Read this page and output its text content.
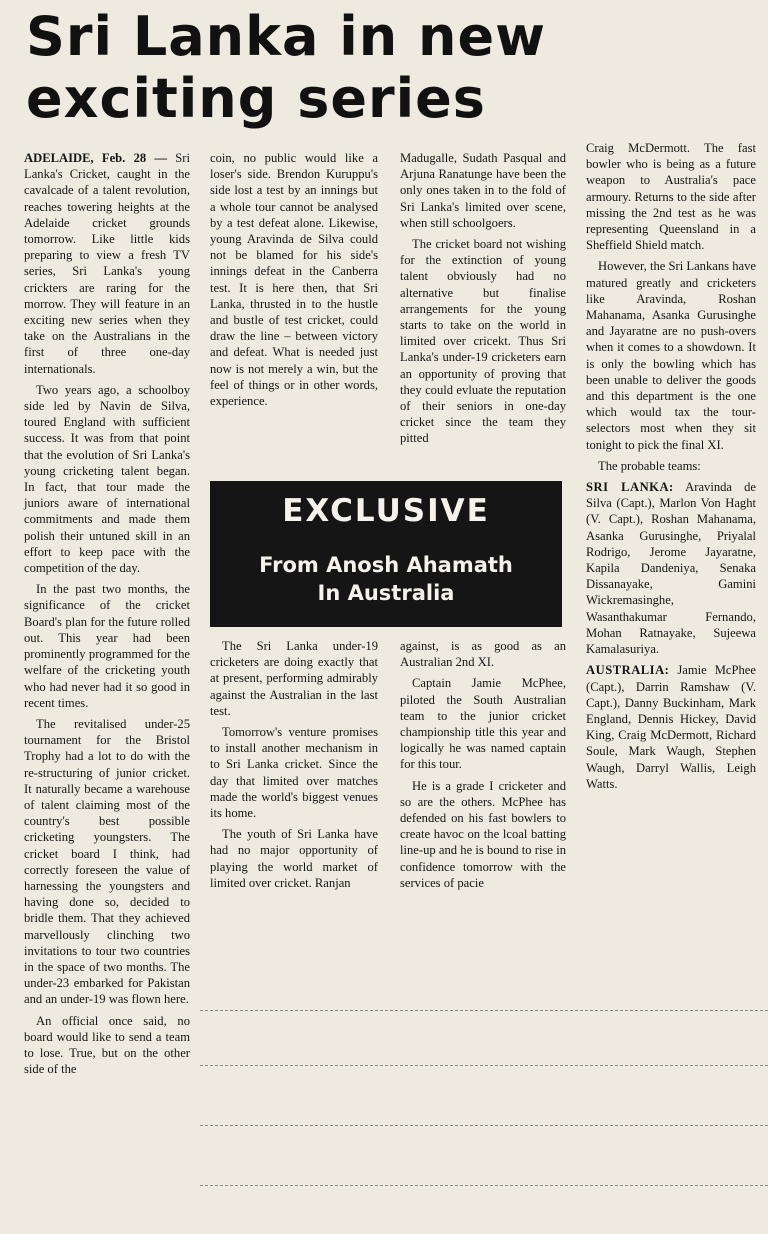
Sri Lanka in new
exciting series

ADELAIDE, Feb. 28 — Sri Lanka's Cricket, caught in the cavalcade of a talent revolution, reaches towering heights at the Adelaide cricket grounds tomorrow. Like little kids preparing to view a fresh TV series, Sri Lanka's young crickters are raring for the morrow. They will feature in an exciting new series when they take on the Australians in the first of three one-day internationals.

Two years ago, a schoolboy side led by Navin de Silva, toured England with sufficient success. It was from that point that the evolution of Sri Lanka's young cricketing talent began. In fact, that tour made the juniors aware of international commitments and made them polish their untuned skill in an effort to keep pace with the competition of the day.

In the past two months, the significance of the cricket Board's plan for the future rolled out. This year had been prominently programmed for the welfare of the cricketing youth who had never had it so good in recent times.

The revitalised under-25 tournament for the Bristol Trophy had a lot to do with the re-structuring of junior cricket. It naturally became a warehouse of talent claiming most of the country's best possible cricketing youngsters. The cricket board I think, had correctly foreseen the value of harnessing the youngsters and having done so, decided to bridle them. That they achieved marvellously clinching two invitations to tour two countries in the space of two months. The under-23 embarked for Pakistan and an under-19 was flown here.

An official once said, no board would like to send a team to lose. True, but on the other side of the

coin, no public would like a loser's side. Brendon Kuruppu's side lost a test by an innings but a whole tour cannot be analysed by a test defeat alone. Likewise, young Aravinda de Silva could not be blamed for his side's innings defeat in the Canberra test. It is here then, that Sri Lanka, thrusted in to the hustle and bustle of test cricket, could draw the line – between victory and defeat. What is needed just now is not merely a win, but the feel of things or in other words, experience.

Madugalle, Sudath Pasqual and Arjuna Ranatunge have been the only ones taken in to the fold of Sri Lanka's limited over scene, when still schoolgoers.

The cricket board not wishing for the extinction of young talent obviously had no alternative but finalise arrangements for the young starts to take on the world in limited over cricekt. Thus Sri Lanka's under-19 cricketers earn an opportunity of proving that they could evluate the reputation of their seniors in one-day cricket since the team they pitted

EXCLUSIVE
From Anosh Ahamath
In Australia

The Sri Lanka under-19 cricketers are doing exactly that at present, performing admirably against the Australian in the last test.

Tomorrow's venture promises to install another mechanism in to Sri Lanka cricket. Since the day that limited over matches made the world's biggest venues its home.

The youth of Sri Lanka have had no major opportunity of playing the world market of limited over cricket. Ranjan

against, is as good as an Australian 2nd XI.

Captain Jamie McPhee, piloted the South Australian team to the junior cricket championship title this year and logically he was named captain for this tour.

He is a grade I cricketer and so are the others. McPhee has defended on his fast bowlers to create havoc on the lcoal batting line-up and he is bound to rise in confidence tomorrow with the services of pacie

Craig McDermott. The fast bowler who is being as a future weapon to Australia's pace armoury. Returns to the side after missing the 2nd test as he was representing Queensland in a Sheffield Shield match.

However, the Sri Lankans have matured greatly and cricketers like Aravinda, Roshan Mahanama, Asanka Gurusinghe and Jayaratne are no push-overs when it comes to a showdown. It is only the bowling which has been unable to deliver the goods and this department is the one which would tax the tour-selectors most when they sit tonight to pick the final XI.

The probable teams:

SRI LANKA: Aravinda de Silva (Capt.), Marlon Von Haght (V. Capt.), Roshan Mahanama, Asanka Gurusinghe, Priyalal Rodrigo, Jerome Jayaratne, Kapila Dandeniya, Senaka Dissanayake, Gamini Wickremasinghe, Wasanthakumar Fernando, Mohan Ratnayake, Sujeewa Kamalasuriya.

AUSTRALIA: Jamie McPhee (Capt.), Darrin Ramshaw (V. Capt.), Danny Buckinham, Mark England, Dennis Hickey, David King, Craig McDermott, Richard Soule, Mark Waugh, Stephen Waugh, Darryl Wallis, Leigh Watts.
